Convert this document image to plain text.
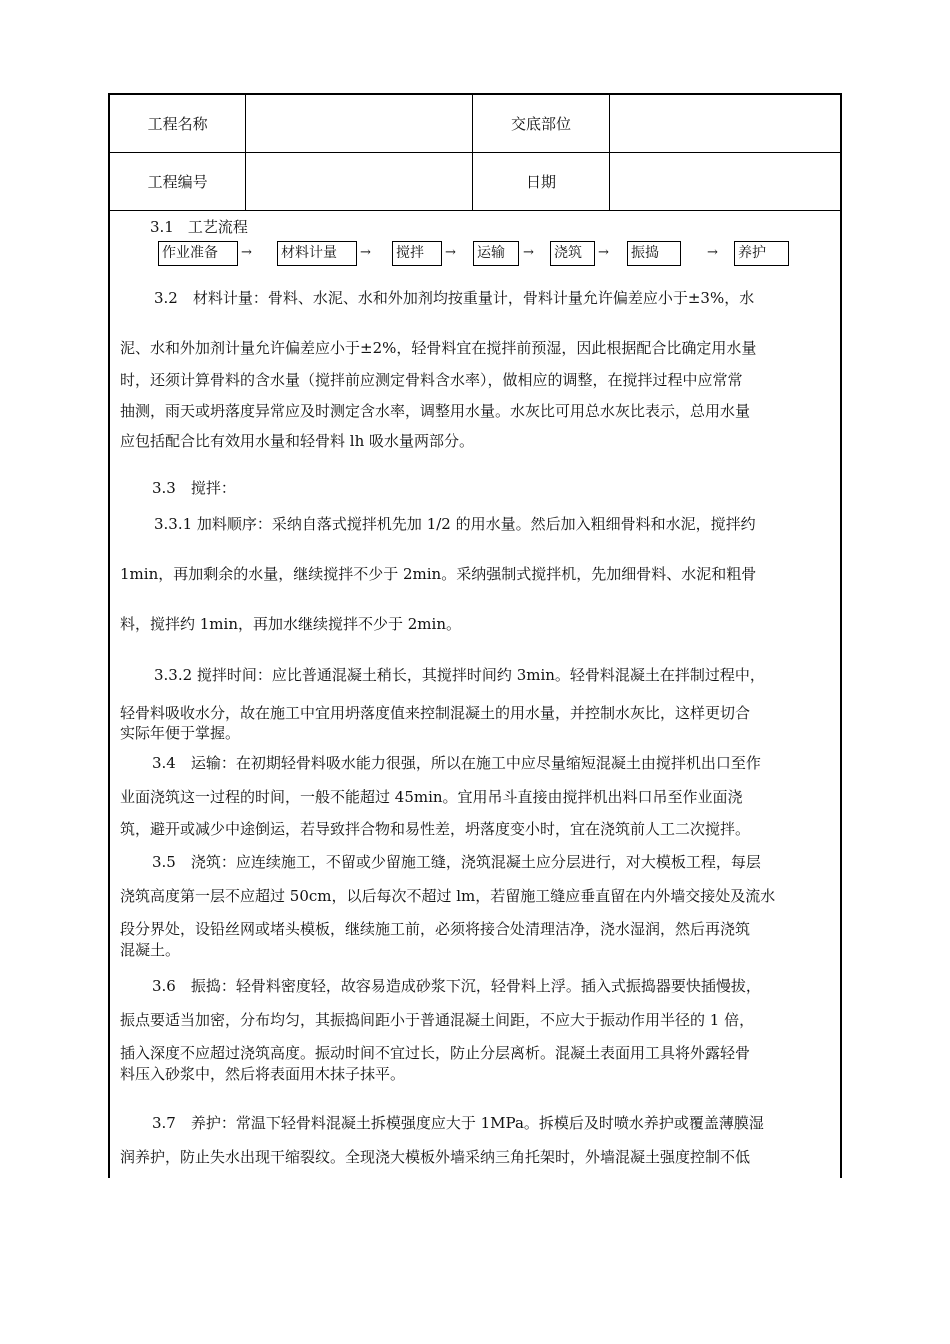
工程名称		交底部位	
工程编号		日期	
3.1 工艺流程
作业准备	→ 材料计量	→ 搅拌	→ 运输	→ 浇筑	→ 振捣	→ 养护
3.2　材料计量：骨料、水泥、水和外加剂均按重量计，骨料计量允许偏差应小于±3%，水
泥、水和外加剂计量允许偏差应小于±2%，轻骨料宜在搅拌前预湿，因此根据配合比确定用水量
时，还须计算骨料的含水量（搅拌前应测定骨料含水率），做相应的调整，在搅拌过程中应常常
抽测，雨天或坍落度异常应及时测定含水率，调整用水量。水灰比可用总水灰比表示，总用水量
应包括配合比有效用水量和轻骨料 lh 吸水量两部分。
3.3　搅拌：
3.3.1 加料顺序：采纳自落式搅拌机先加 1/2 的用水量。然后加入粗细骨料和水泥，搅拌约
1min，再加剩余的水量，继续搅拌不少于 2min。采纳强制式搅拌机，先加细骨料、水泥和粗骨
料，搅拌约 1min，再加水继续搅拌不少于 2min。
3.3.2 搅拌时间：应比普通混凝土稍长，其搅拌时间约 3min。轻骨料混凝土在拌制过程中，
轻骨料吸收水分，故在施工中宜用坍落度值来控制混凝土的用水量，并控制水灰比，这样更切合
实际年便于掌握。
3.4　运输：在初期轻骨料吸水能力很强，所以在施工中应尽量缩短混凝土由搅拌机出口至作
业面浇筑这一过程的时间，一般不能超过 45min。宜用吊斗直接由搅拌机出料口吊至作业面浇
筑，避开或减少中途倒运，若导致拌合物和易性差，坍落度变小时，宜在浇筑前人工二次搅拌。
3.5　浇筑：应连续施工，不留或少留施工缝，浇筑混凝土应分层进行，对大模板工程，每层
浇筑高度第一层不应超过 50cm，以后每次不超过 lm，若留施工缝应垂直留在内外墙交接处及流水
段分界处，设铅丝网或堵头模板，继续施工前，必须将接合处清理洁净，浇水湿润，然后再浇筑
混凝土。
3.6　振捣：轻骨料密度轻，故容易造成砂浆下沉，轻骨料上浮。插入式振捣器要快插慢拔，
振点要适当加密，分布均匀，其振捣间距小于普通混凝土间距，不应大于振动作用半径的 1 倍，
插入深度不应超过浇筑高度。振动时间不宜过长，防止分层离析。混凝土表面用工具将外露轻骨
料压入砂浆中，然后将表面用木抹子抹平。
3.7　养护：常温下轻骨料混凝土拆模强度应大于 1MPa。拆模后及时喷水养护或覆盖薄膜湿
润养护，防止失水出现干缩裂纹。全现浇大模板外墙采纳三角托架时，外墙混凝土强度控制不低
